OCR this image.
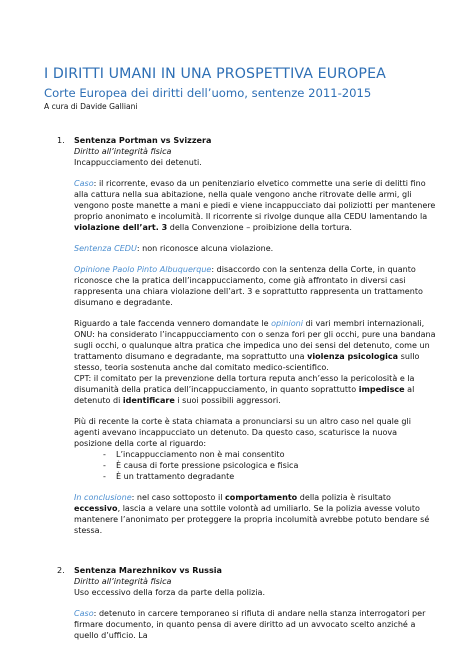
I DIRITTI UMANI IN UNA PROSPETTIVA EUROPEA
Corte Europea dei diritti dell’uomo, sentenze 2011-2015
A cura di Davide Galliani
1.	Sentenza Portman vs Svizzera
Diritto all’integrità fisica
Incappucciamento dei detenuti.

Caso: il ricorrente, evaso da un penitenziario elvetico commette una serie di delitti fino alla cattura nella sua abitazione, nella quale vengono anche ritrovate delle armi, gli vengono poste manette a mani e piedi e viene incappucciato dai poliziotti per mantenere proprio anonimato e incolumità. Il ricorrente si rivolge dunque alla CEDU lamentando la violazione dell’art. 3 della Convenzione – proibizione della tortura.

Sentenza CEDU: non riconosce alcuna violazione.

Opinione Paolo Pinto Albuquerque: disaccordo con la sentenza della Corte, in quanto riconosce che la pratica dell’incappucciamento, come già affrontato in diversi casi rappresenta una chiara violazione dell’art. 3 e soprattutto rappresenta un trattamento disumano e degradante.

Riguardo a tale faccenda vennero domandate le opinioni di vari membri internazionali,
ONU: ha considerato l’incappucciamento con o senza fori per gli occhi, pure una bandana sugli occhi, o qualunque altra pratica che impedica uno dei sensi del detenuto, come un trattamento disumano e degradante, ma soprattutto una violenza psicologica sullo stesso, teoria sostenuta anche dal comitato medico-scientifico.
CPT: il comitato per la prevenzione della tortura reputa anch’esso la pericolosità e la disumanità della pratica dell’incappucciamento, in quanto soprattutto impedisce al detenuto di identificare i suoi possibili aggressori.

Più di recente la corte è stata chiamata a pronunciarsi su un altro caso nel quale gli agenti avevano incappucciato un detenuto. Da questo caso, scaturisce la nuova posizione della corte al riguardo:

- L’incappucciamento non è mai consentito
- È causa di forte pressione psicologica e fisica
- È un trattamento degradante

In conclusione: nel caso sottoposto il comportamento della polizia è risultato eccessivo, lascia a velare una sottile volontà ad umiliarlo. Se la polizia avesse voluto mantenere l’anonimato per proteggere la propria incolumità avrebbe potuto bendare sé stessa.

2.	Sentenza Marezhnikov vs Russia
Diritto all’integrità fisica
Uso eccessivo della forza da parte della polizia.

Caso: detenuto in carcere temporaneo si rifiuta di andare nella stanza interrogatori per firmare documento, in quanto pensa di avere diritto ad un avvocato scelto anziché a quello d’ufficio. La
